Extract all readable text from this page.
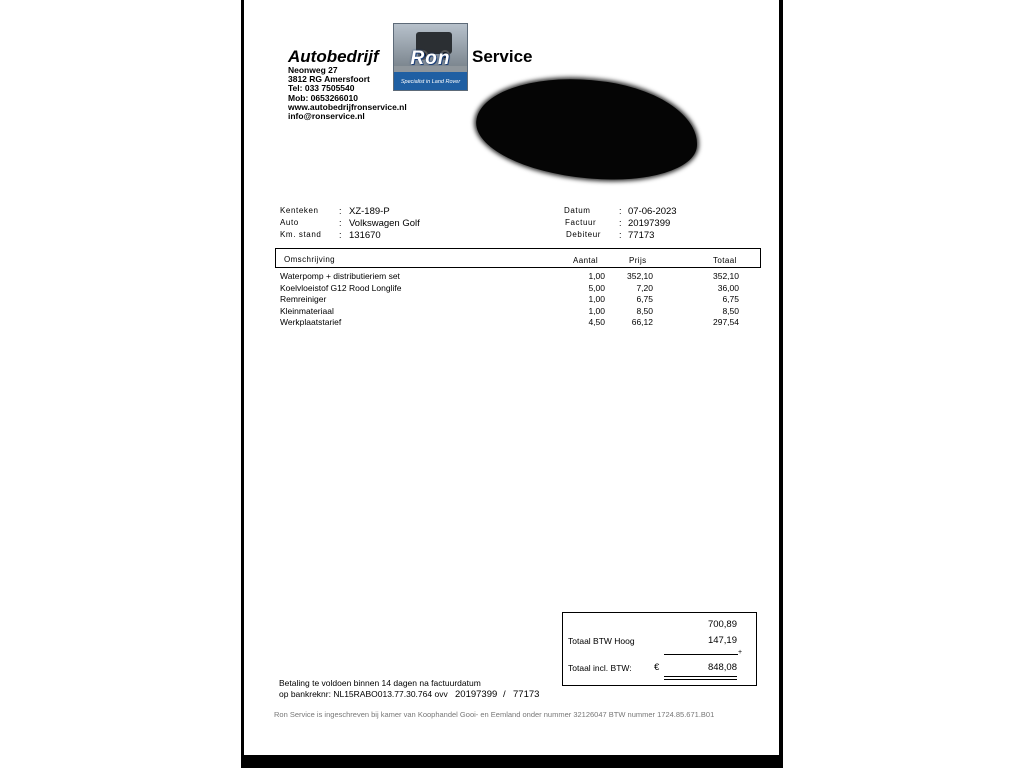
Autobedrijf	Ron
Specialist in Land Rover
Service
Neonweg 27
3812 RG Amersfoort
Tel: 033 7505540
Mob: 0653266010
www.autobedrijfronservice.nl
info@ronservice.nl
Kenteken : XZ-189-P
Auto	: Volkswagen Golf
Km. stand : 131670
Datum	: 07-06-2023
Factuur	: 20197399
Debiteur : 77173
Omschrijving	Aantal	Prijs	Totaal
Waterpomp + distributieriem set	1,00	352,10	352,10
Koelvloeistof G12 Rood Longlife	5,00	7,20	36,00
Remreiniger	1,00	6,75	6,75
Kleinmateriaal	1,00	8,50	8,50
Werkplaatstarief	4,50	66,12	297,54
700,89
Totaal BTW Hoog	147,19
+
Totaal incl. BTW: €	848,08
Betaling te voldoen binnen 14 dagen na factuurdatum
op bankreknr: NL15RABO013.77.30.764 ovv 20197399 / 77173
Ron Service is ingeschreven bij kamer van Koophandel Gooi- en Eemland onder nummer 32126047 BTW nummer 1724.85.671.B01
